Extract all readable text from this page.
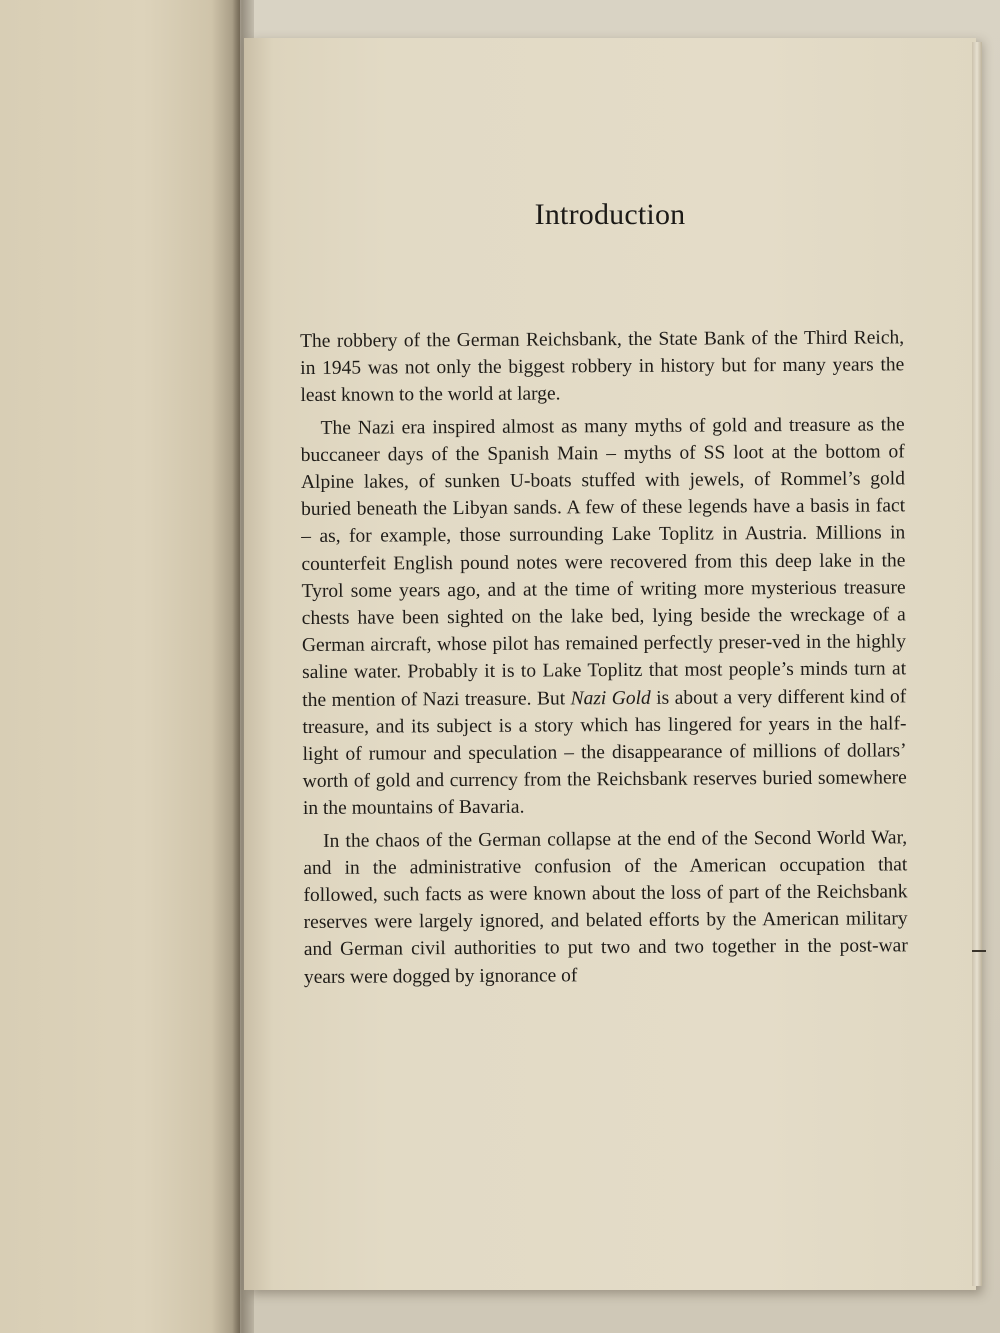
Introduction

The robbery of the German Reichsbank, the State Bank of the Third Reich, in 1945 was not only the biggest robbery in history but for many years the least known to the world at large.

The Nazi era inspired almost as many myths of gold and treasure as the buccaneer days of the Spanish Main – myths of SS loot at the bottom of Alpine lakes, of sunken U-boats stuffed with jewels, of Rommel’s gold buried beneath the Libyan sands. A few of these legends have a basis in fact – as, for example, those surrounding Lake Toplitz in Austria. Millions in counterfeit English pound notes were recovered from this deep lake in the Tyrol some years ago, and at the time of writing more mysterious treasure chests have been sighted on the lake bed, lying beside the wreckage of a German aircraft, whose pilot has remained perfectly preser-ved in the highly saline water. Probably it is to Lake Toplitz that most people’s minds turn at the mention of Nazi treasure. But Nazi Gold is about a very different kind of treasure, and its subject is a story which has lingered for years in the half-light of rumour and speculation – the disappearance of millions of dollars’ worth of gold and currency from the Reichsbank reserves buried somewhere in the mountains of Bavaria.

In the chaos of the German collapse at the end of the Second World War, and in the administrative confusion of the American occupation that followed, such facts as were known about the loss of part of the Reichsbank reserves were largely ignored, and belated efforts by the American military and German civil authorities to put two and two together in the post-war years were dogged by ignorance of
